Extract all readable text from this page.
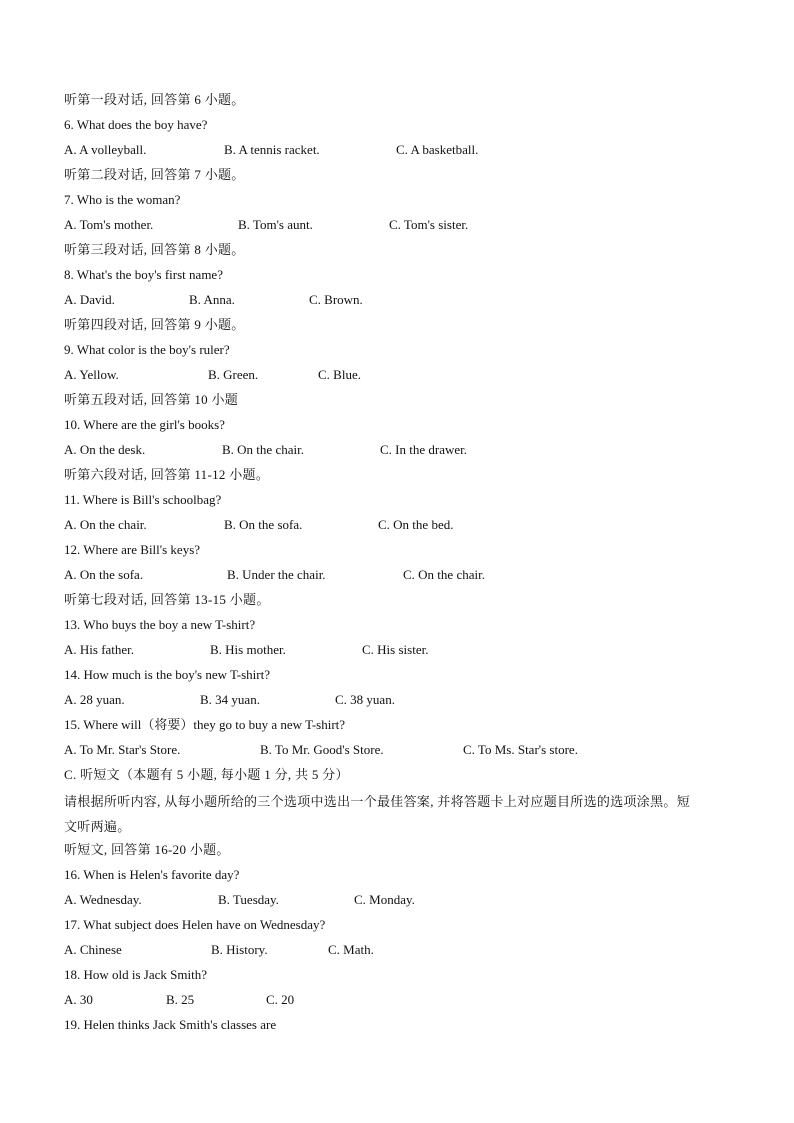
听第一段对话, 回答第 6 小题。
6. What does the boy have?
A. A volleyball.	B. A tennis racket.	C. A basketball.
听第二段对话, 回答第 7 小题。
7. Who is the woman?
A. Tom's mother.	B. Tom's aunt.	C. Tom's sister.
听第三段对话, 回答第 8 小题。
8. What's the boy's first name?
A. David.	B. Anna.	C. Brown.
听第四段对话, 回答第 9 小题。
9. What color is the boy's ruler?
A. Yellow.	B. Green.	C. Blue.
听第五段对话, 回答第 10 小题
10. Where are the girl's books?
A. On the desk.	B. On the chair.	C. In the drawer.
听第六段对话, 回答第 11-12 小题。
11. Where is Bill's schoolbag?
A. On the chair.	B. On the sofa.	C. On the bed.
12. Where are Bill's keys?
A. On the sofa.	B. Under the chair.	C. On the chair.
听第七段对话, 回答第 13-15 小题。
13. Who buys the boy a new T-shirt?
A. His father.	B. His mother.	C. His sister.
14. How much is the boy's new T-shirt?
A. 28 yuan.	B. 34 yuan.	C. 38 yuan.
15. Where will（将要）they go to buy a new T-shirt?
A. To Mr. Star's Store.	B. To Mr. Good's Store.	C. To Ms. Star's store.
C. 听短文（本题有 5 小题, 每小题 1 分, 共 5 分）
请根据所听内容, 从每小题所给的三个选项中选出一个最佳答案, 并将答题卡上对应题目所选的选项涂黑。短
文听两遍。
听短文, 回答第 16-20 小题。
16. When is Helen's favorite day?
A. Wednesday.	B. Tuesday.	C. Monday.
17. What subject does Helen have on Wednesday?
A. Chinese	B. History.	C. Math.
18. How old is Jack Smith?
A. 30	B. 25	C. 20
19. Helen thinks Jack Smith's classes are
